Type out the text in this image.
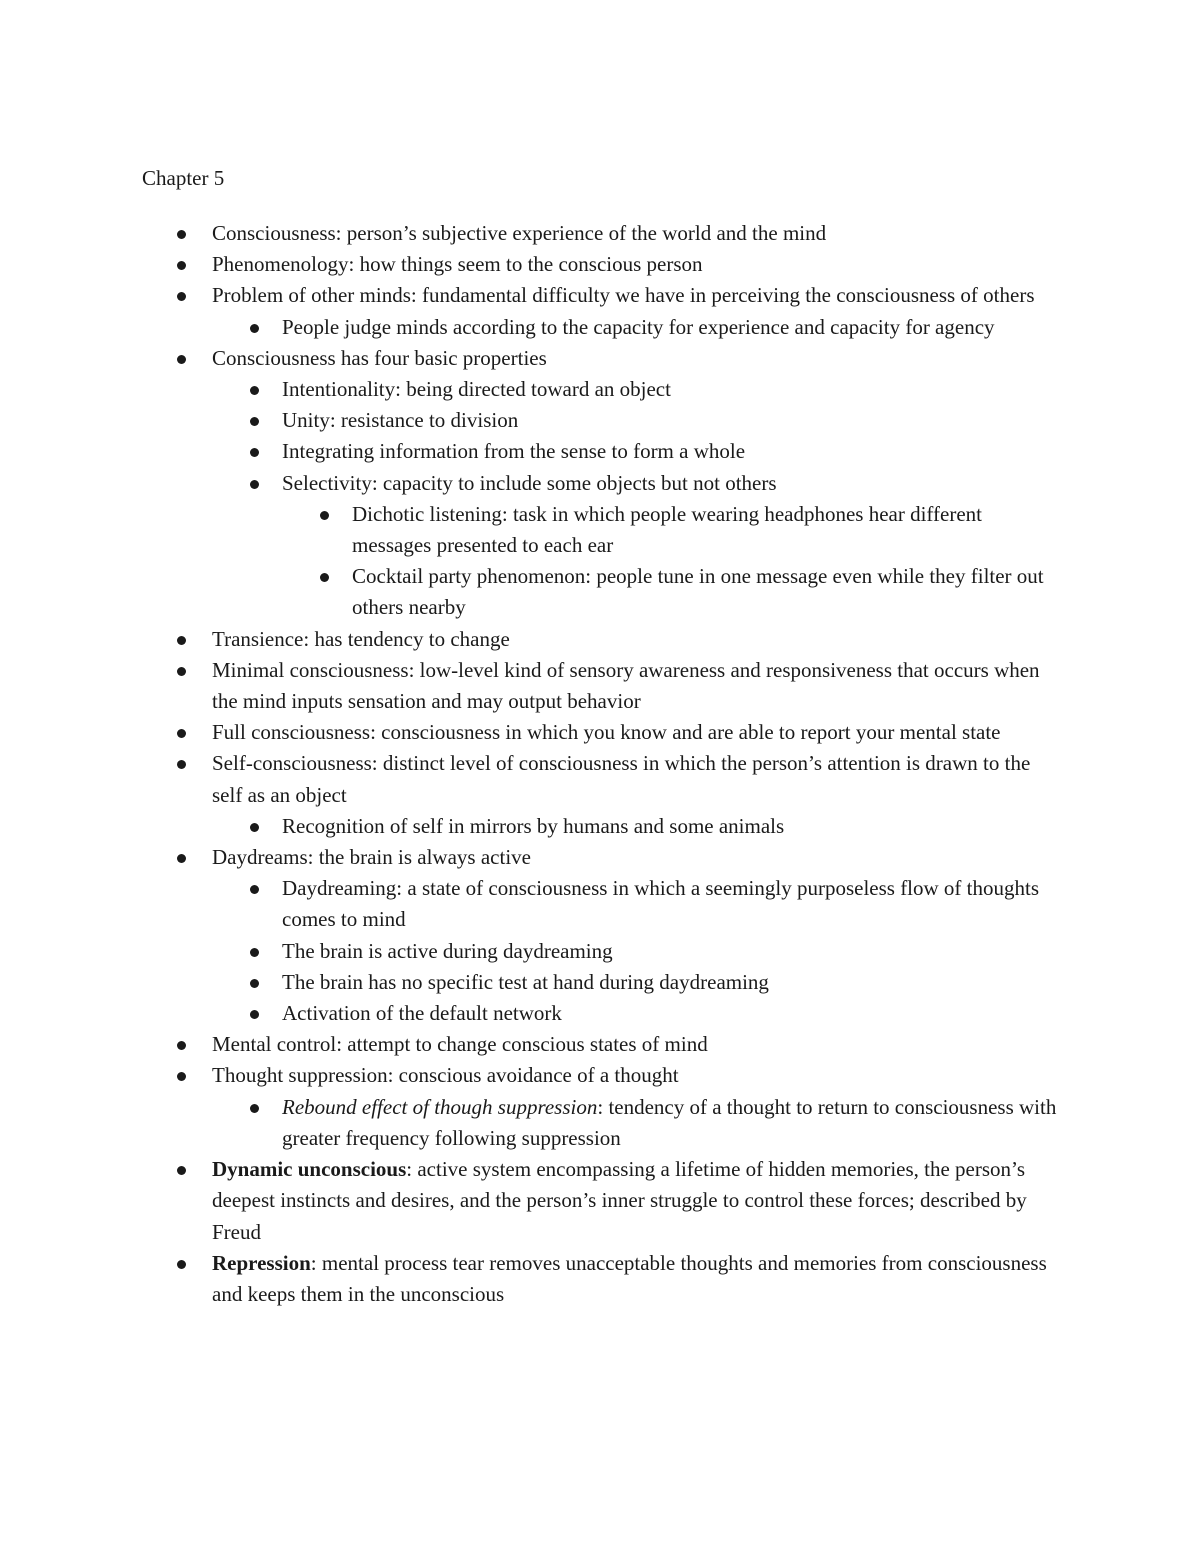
Chapter 5
Consciousness: person’s subjective experience of the world and the mind
Phenomenology: how things seem to the conscious person
Problem of other minds: fundamental difficulty we have in perceiving the consciousness of others
People judge minds according to the capacity for experience and capacity for agency
Consciousness has four basic properties
Intentionality: being directed toward an object
Unity: resistance to division
Integrating information from the sense to form a whole
Selectivity: capacity to include some objects but not others
Dichotic listening: task in which people wearing headphones hear different messages presented to each ear
Cocktail party phenomenon: people tune in one message even while they filter out others nearby
Transience: has tendency to change
Minimal consciousness: low-level kind of sensory awareness and responsiveness that occurs when the mind inputs sensation and may output behavior
Full consciousness: consciousness in which you know and are able to report your mental state
Self-consciousness: distinct level of consciousness in which the person’s attention is drawn to the self as an object
Recognition of self in mirrors by humans and some animals
Daydreams: the brain is always active
Daydreaming: a state of consciousness in which a seemingly purposeless flow of thoughts comes to mind
The brain is active during daydreaming
The brain has no specific test at hand during daydreaming
Activation of the default network
Mental control: attempt to change conscious states of mind
Thought suppression: conscious avoidance of a thought
Rebound effect of though suppression: tendency of a thought to return to consciousness with greater frequency following suppression
Dynamic unconscious: active system encompassing a lifetime of hidden memories, the person’s deepest instincts and desires, and the person’s inner struggle to control these forces; described by Freud
Repression: mental process tear removes unacceptable thoughts and memories from consciousness and keeps them in the unconscious
